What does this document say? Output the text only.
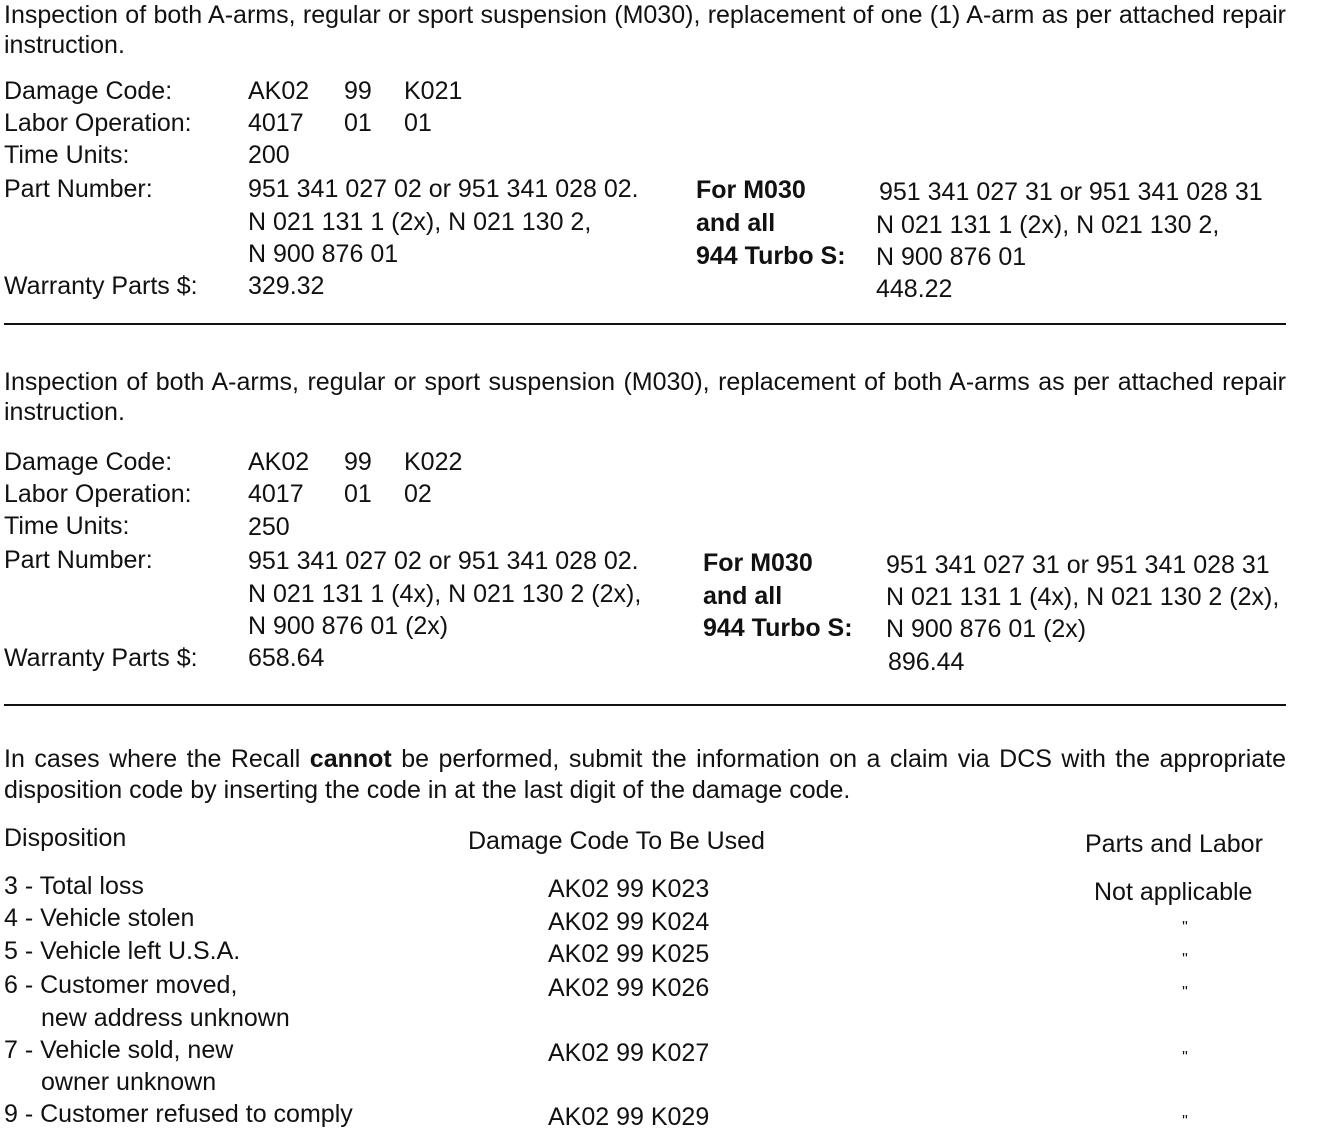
Inspection of both A-arms, regular or sport suspension (M030), replacement of one (1) A-arm as per attached repair instruction.
Damage Code:	AK02 99 K021
Labor Operation: 4017 01 01
Time Units:	200
Part Number:	951 341 027 02 or 951 341 028 02.
N 021 131 1 (2x), N 021 130 2,
N 900 876 01
For M030
and all
944 Turbo S:
951 341 027 31 or 951 341 028 31
N 021 131 1 (2x), N 021 130 2,
N 900 876 01
Warranty Parts $: 329.32	448.22
Inspection of both A-arms, regular or sport suspension (M030), replacement of both A-arms as per attached repair instruction.
Damage Code:	AK02 99 K022
Labor Operation: 4017 01 02
Time Units:	250
Part Number:	951 341 027 02 or 951 341 028 02.
N 021 131 1 (4x), N 021 130 2 (2x),
N 900 876 01 (2x)
For M030
and all
944 Turbo S:
951 341 027 31 or 951 341 028 31
N 021 131 1 (4x), N 021 130 2 (2x),
N 900 876 01 (2x)
Warranty Parts $: 658.64	896.44
In cases where the Recall cannot be performed, submit the information on a claim via DCS with the appropriate disposition code by inserting the code in at the last digit of the damage code.
Disposition	Damage Code To Be Used	Parts and Labor
3 - Total loss	AK02 99 K023	Not applicable
4 - Vehicle stolen	AK02 99 K024	"
5 - Vehicle left U.S.A.	AK02 99 K025	"
6 - Customer moved,
new address unknown
AK02 99 K026	"
7 - Vehicle sold, new
owner unknown
AK02 99 K027	"
9 - Customer refused to comply	AK02 99 K029	"
